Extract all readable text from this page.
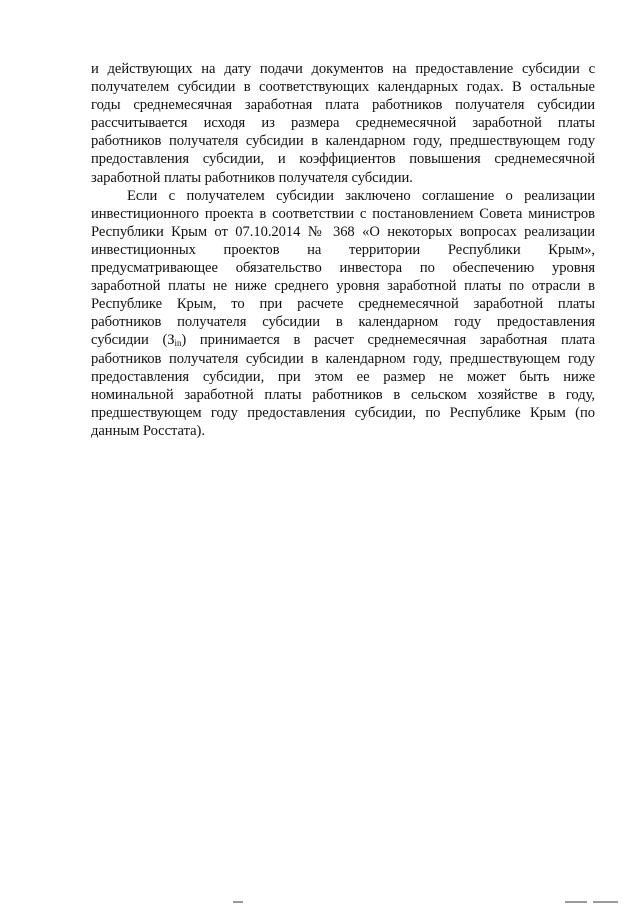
и действующих на дату подачи документов на предоставление субсидии с
получателем субсидии в соответствующих календарных годах. В остальные
годы среднемесячная заработная плата работников получателя субсидии
рассчитывается исходя из размера среднемесячной заработной платы
работников получателя субсидии в календарном году, предшествующем году
предоставления субсидии, и коэффициентов повышения среднемесячной
заработной платы работников получателя субсидии.
Если с получателем субсидии заключено соглашение о реализации
инвестиционного проекта в соответствии с постановлением Совета министров
Республики Крым от 07.10.2014 № 368 «О некоторых вопросах реализации
инвестиционных проектов на территории Республики Крым»,
предусматривающее обязательство инвестора по обеспечению уровня
заработной платы не ниже среднего уровня заработной платы по отрасли в
Республике Крым, то при расчете среднемесячной заработной платы
работников получателя субсидии в календарном году предоставления
субсидии $(З_{in})$ принимается в расчет среднемесячная заработная плата
работников получателя субсидии в календарном году, предшествующем году
предоставления субсидии, при этом ее размер не может быть ниже
номинальной заработной платы работников в сельском хозяйстве в году,
предшествующем году предоставления субсидии, по Республике Крым (по
данным Росстата).
